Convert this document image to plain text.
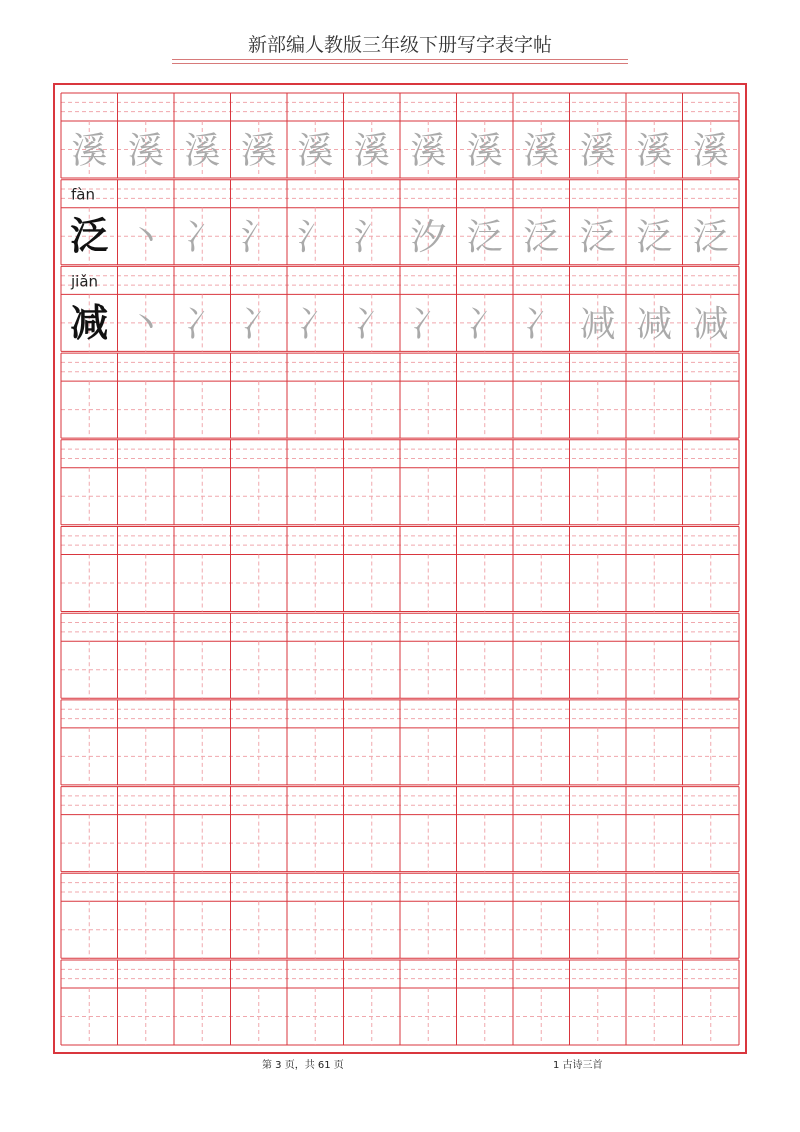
新部编人教版三年级下册写字表字帖
溪 溪 溪 溪 溪 溪 溪 溪 溪 溪 溪 溪
fàn
泛 丶 冫 氵 氵 氵 汐 泛 泛 泛 泛 泛
jiǎn
减 丶 冫 冫 冫 冫 冫 冫 冫 减 减 减
第 3 页，共 61 页	1 古诗三首
